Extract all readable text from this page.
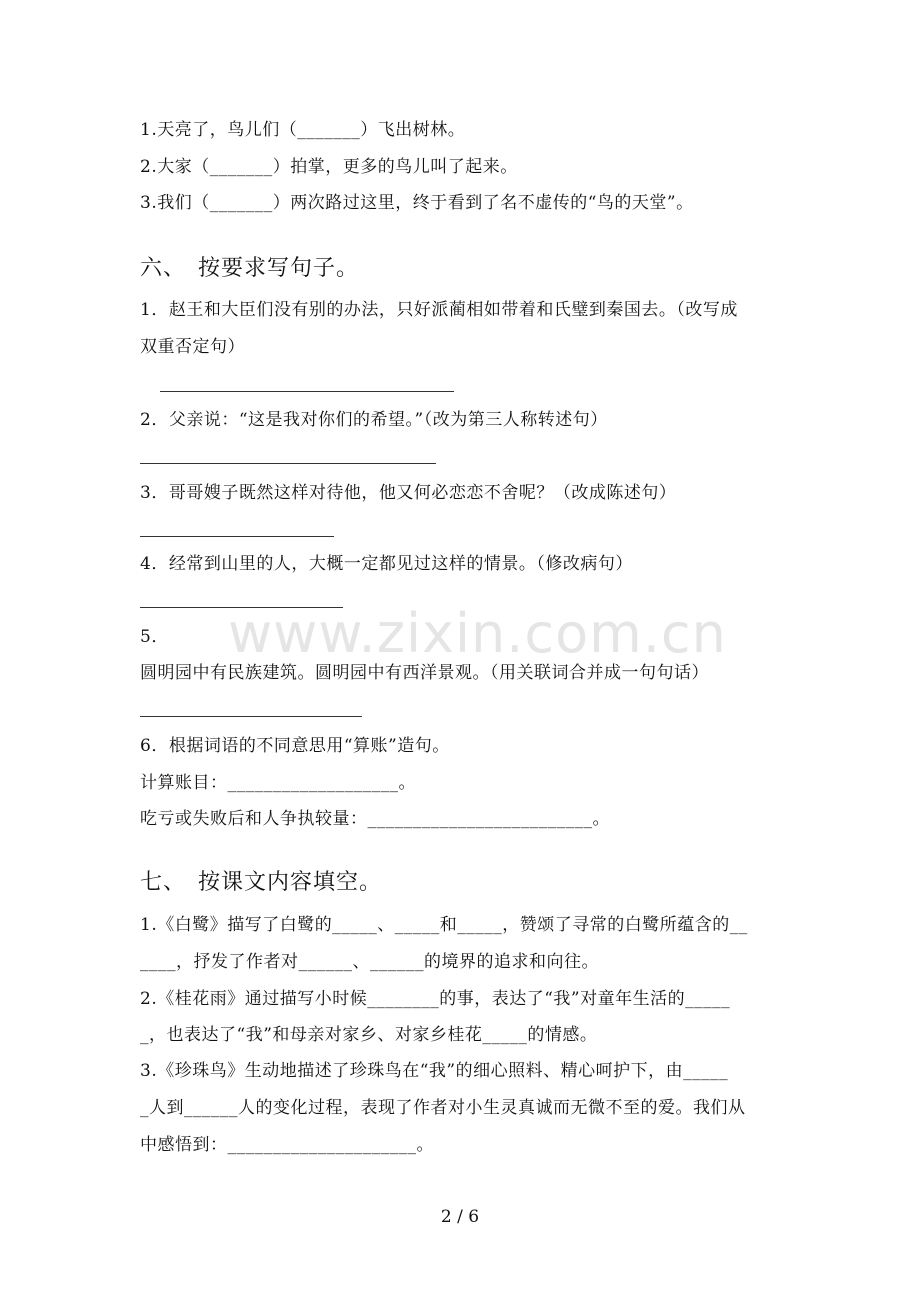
1.天亮了，鸟儿们（_______）飞出树林。
2.大家（_______）拍掌，更多的鸟儿叫了起来。
3.我们（_______）两次路过这里，终于看到了名不虚传的“鸟的天堂”。
六、　按要求写句子。
1．赵王和大臣们没有别的办法，只好派蔺相如带着和氏璧到秦国去。（改写成
双重否定句）
2．父亲说：“这是我对你们的希望。”（改为第三人称转述句）
3．哥哥嫂子既然这样对待他，他又何必恋恋不舍呢？（改成陈述句）
4．经常到山里的人，大概一定都见过这样的情景。（修改病句）
5．
圆明园中有民族建筑。圆明园中有西洋景观。（用关联词合并成一句句话）
6．根据词语的不同意思用“算账”造句。
计算账目：___________________。
吃亏或失败后和人争执较量：_________________________。
七、　按课文内容填空。
1.《白鹭》描写了白鹭的_____、_____和_____，赞颂了寻常的白鹭所蕴含的__
____，抒发了作者对______、______的境界的追求和向往。
2.《桂花雨》通过描写小时候________的事，表达了“我”对童年生活的_____
_，也表达了“我”和母亲对家乡、对家乡桂花_____的情感。
3.《珍珠鸟》生动地描述了珍珠鸟在“我”的细心照料、精心呵护下，由_____
_人到______人的变化过程，表现了作者对小生灵真诚而无微不至的爱。我们从
中感悟到：_____________________。
www.zixin.com.cn
2 / 6
